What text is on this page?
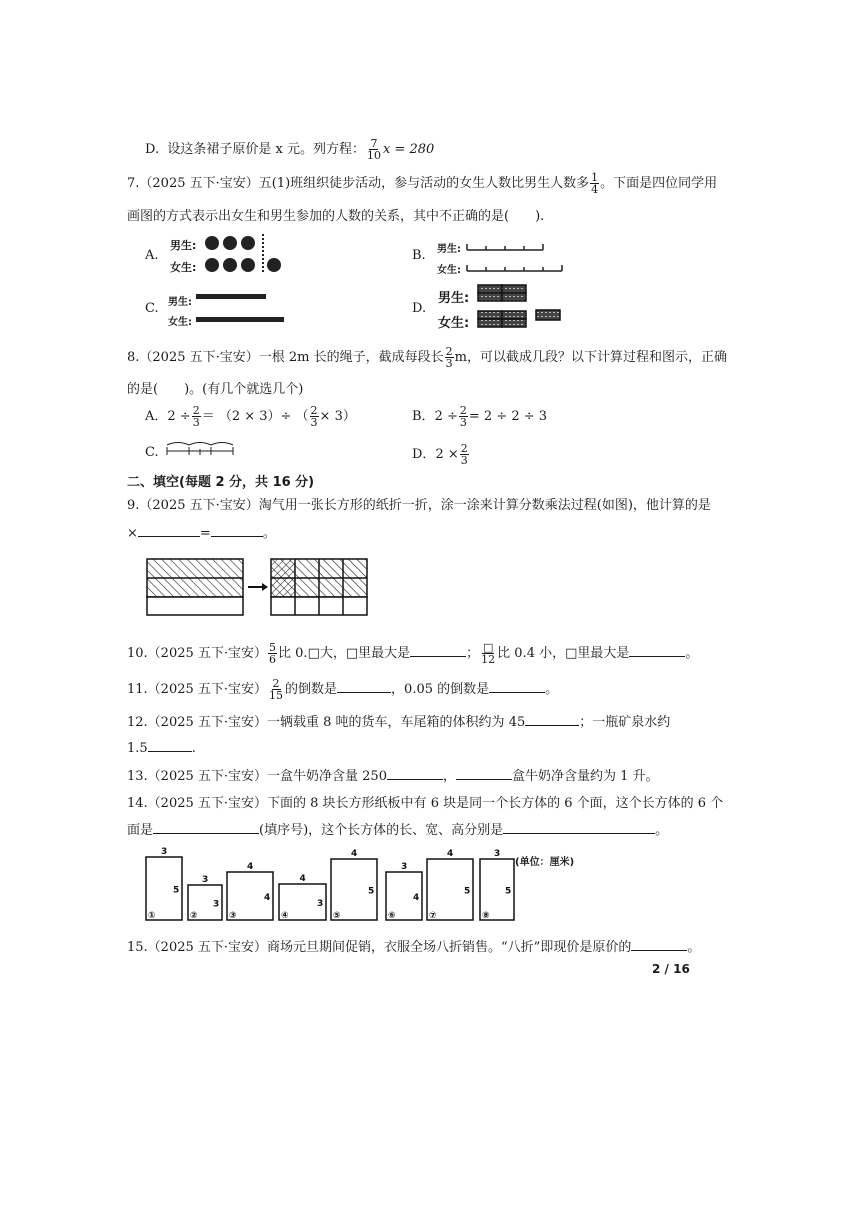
D. 设这条裙子原价是 x 元。列方程： $\frac{7}{10}$ x = 280
7.（2025 五下·宝安）五(1)班组织徒步活动，参与活动的女生人数比男生人数多 $\frac{1}{4}$ 。下面是四位同学用
画图的方式表示出女生和男生参加的人数的关系，其中不正确的是(　　).
A.
男生:
女生:
B. 男生:
女生:
C. 男生:
女生:
D.
男生:
女生:
8.（2025 五下·宝安）一根 2m 长的绳子，截成每段长 $\frac{2}{3}$ m，可以截成几段？以下计算过程和图示，正确
的是(　　)。(有几个就选几个)
A．$2 \div \frac{2}{3} = (2 \times 3)\div$ （ $\frac{2}{3} \times 3$）	B．$2 \div \frac{2}{3} = 2 \div 2 \div 3$
C.	D．$2 \times \frac{2}{3}$
二、填空(每题 2 分，共 16 分)
9.（2025 五下·宝安）淘气用一张长方形的纸折一折，涂一涂来计算分数乘法过程(如图)，他计算的是
×	=	。
10.（2025 五下·宝安） $\frac{5}{6}$ 比 0.□大，□里最大是	； $\frac{□}{12}$ 比 0.4 小，□里最大是	。
11.（2025 五下·宝安） $\frac{2}{15}$ 的倒数是	，0.05 的倒数是	。
12.（2025 五下·宝安）一辆载重 8 吨的货车，车尾箱的体积约为 45	；一瓶矿泉水约
1.5	.
13.（2025 五下·宝安）一盒牛奶净含量 250	，	盒牛奶净含量约为 1 升。
14.（2025 五下·宝安）下面的 8 块长方形纸板中有 6 块是同一个长方体的 6 个面，这个长方体的 6 个
面是	(填序号)，这个长方体的长、宽、高分别是	。
3
5
①
3
3
②
4
4
③
4
3
④
4
5
⑤
3
4
⑥
4
5
⑦
3
5
⑧
(单位：厘米)
15.（2025 五下·宝安）商场元旦期间促销，衣服全场八折销售。“八折”即现价是原价的	。
2 / 16
